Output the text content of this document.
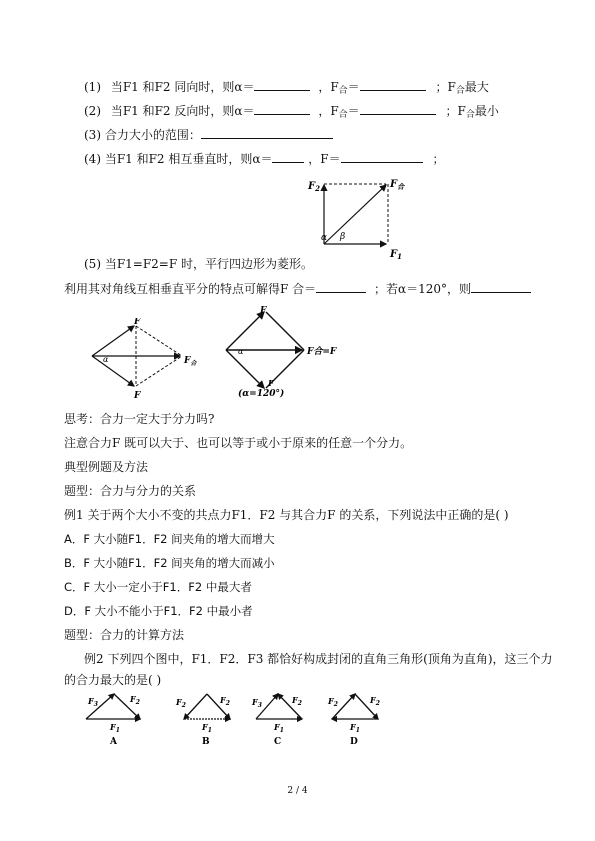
(1) 当F1 和F2 同向时，则α＝	，$F_合=$	；$F_合$最大
(2) 当F1 和F2 反向时，则α＝	，$F_合=$	；$F_合$最小
(3) 合力大小的范围：
(4) 当F1 和F2 相互垂直时，则α＝	，F＝	；
$F_2$	$F_合$
$F_1$
α β
(5) 当F1=F2=F 时，平行四边形为菱形。
利用其对角线互相垂直平分的特点可解得F 合＝	；若α＝120°，则
F
F
$F_合$
α
F
F
F合=F
α
(α=120°)
思考：合力一定大于分力吗?
注意合力F 既可以大于、也可以等于或小于原来的任意一个分力。
典型例题及方法
题型：合力与分力的关系
例1 关于两个大小不变的共点力F1．F2 与其合力F 的关系，下列说法中正确的是( )
A．F 大小随F1．F2 间夹角的增大而增大
B．F 大小随F1．F2 间夹角的增大而减小
C．F 大小一定小于F1．F2 中最大者
D．F 大小不能小于F1．F2 中最小者
题型：合力的计算方法
例2 下列四个图中，F1．F2．F3 都恰好构成封闭的直角三角形(顶角为直角)，这三个力
的合力最大的是( )
$F_3$
$F_2$
$F_1$
A
$F_2$
$F_2$
$F_1$
B
$F_3$
$F_2$
$F_1$
C
$F_2$	$F_2$
$F_1$
D
2 / 4
